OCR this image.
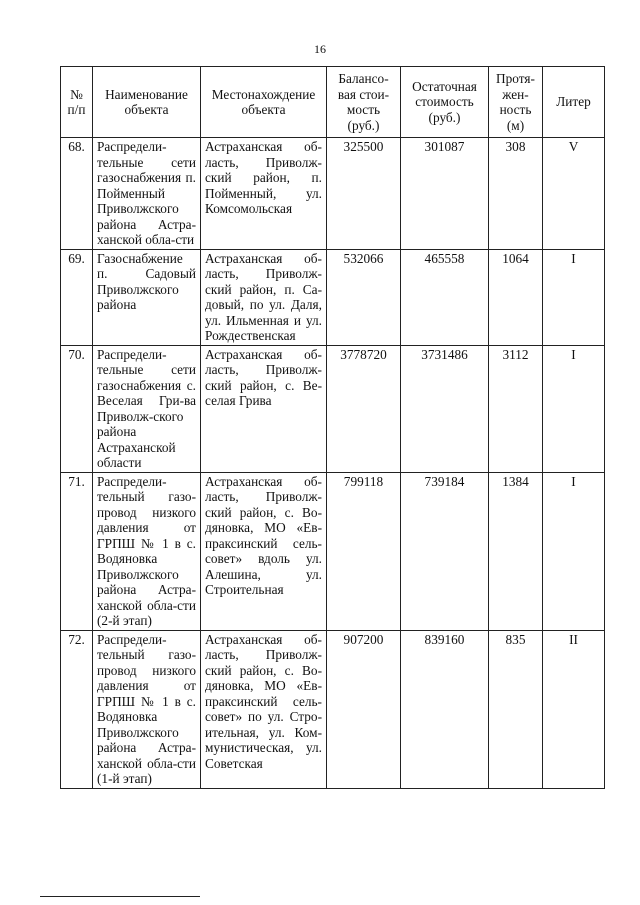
16
№ п/п	Наименование объекта	Местонахождение объекта	Балансо-вая стои-мость (руб.)	Остаточная стоимость (руб.)	Протя-жен-ность (м)	Литер
68.	Распредели-тельные сети газоснабжения п. Пойменный Приволжского района Астра-ханской обла-сти	Астраханская об-ласть, Приволж-ский район, п. Пойменный, ул. Комсомольская	325500	301087	308	V
69.	Газоснабжение п. Садовый Приволжского района	Астраханская об-ласть, Приволж-ский район, п. Са-довый, по ул. Даля, ул. Ильменная и ул. Рождественская	532066	465558	1064	I
70.	Распредели-тельные сети газоснабжения с. Веселая Гри-ва Приволж-ского района Астраханской области	Астраханская об-ласть, Приволж-ский район, с. Ве-селая Грива	3778720	3731486	3112	I
71.	Распредели-тельный газо-провод низкого давления от ГРПШ № 1 в с. Водяновка Приволжского района Астра-ханской обла-сти (2-й этап)	Астраханская об-ласть, Приволж-ский район, с. Во-дяновка, МО «Ев-праксинский сель-совет» вдоль ул. Алешина, ул. Строительная	799118	739184	1384	I
72.	Распредели-тельный газо-провод низкого давления от ГРПШ № 1 в с. Водяновка Приволжского района Астра-ханской обла-сти (1-й этап)	Астраханская об-ласть, Приволж-ский район, с. Во-дяновка, МО «Ев-праксинский сель-совет» по ул. Стро-ительная, ул. Ком-мунистическая, ул. Советская	907200	839160	835	II
